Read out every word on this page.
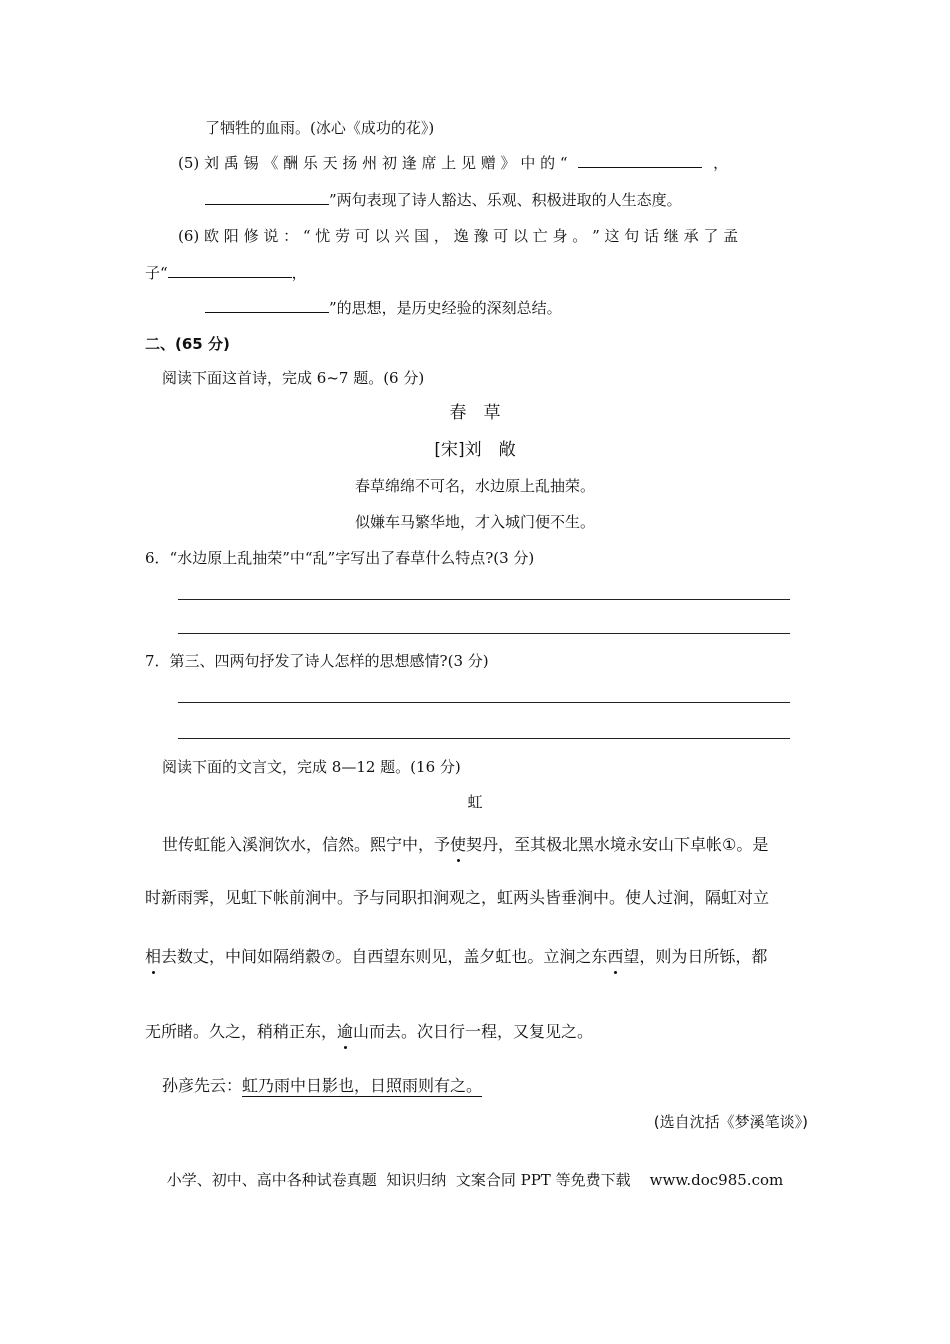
了牺牲的血雨。(冰心《成功的花》)
(5) 刘 禹 锡 《 酬 乐 天 扬 州 初 逢 席 上 见 赠 》 中 的 “	，
”两句表现了诗人豁达、乐观、积极进取的人生态度。
(6) 欧 阳 修 说 ： “ 忧 劳 可 以 兴 国 ， 逸 豫 可 以 亡 身 。 ” 这 句 话 继 承 了 孟
子“	，
”的思想，是历史经验的深刻总结。
二、(65 分)
阅读下面这首诗，完成 6~7 题。(6 分)
春　草
[宋]刘　敞
春草绵绵不可名，水边原上乱抽荣。
似嫌车马繁华地，才入城门便不生。
6．“水边原上乱抽荣”中“乱”字写出了春草什么特点?(3 分)
7．第三、四两句抒发了诗人怎样的思想感情?(3 分)
阅读下面的文言文，完成 8—12 题。(16 分)
虹
世传虹能入溪涧饮水，信然。熙宁中，予使契丹，至其极北黑水境永安山下卓帐①。是
时新雨霁，见虹下帐前涧中。予与同职扣涧观之，虹两头皆垂涧中。使人过涧，隔虹对立
相去数丈，中间如隔绡縠⑦。自西望东则见，盖夕虹也。立涧之东西望，则为日所铄，都
无所睹。久之，稍稍正东，逾山而去。次日行一程，又复见之。
孙彦先云：虹乃雨中日影也，日照雨则有之。
(选自沈括《梦溪笔谈》)
小学、初中、高中各种试卷真题  知识归纳  文案合同 PPT 等免费下载    www.doc985.com
